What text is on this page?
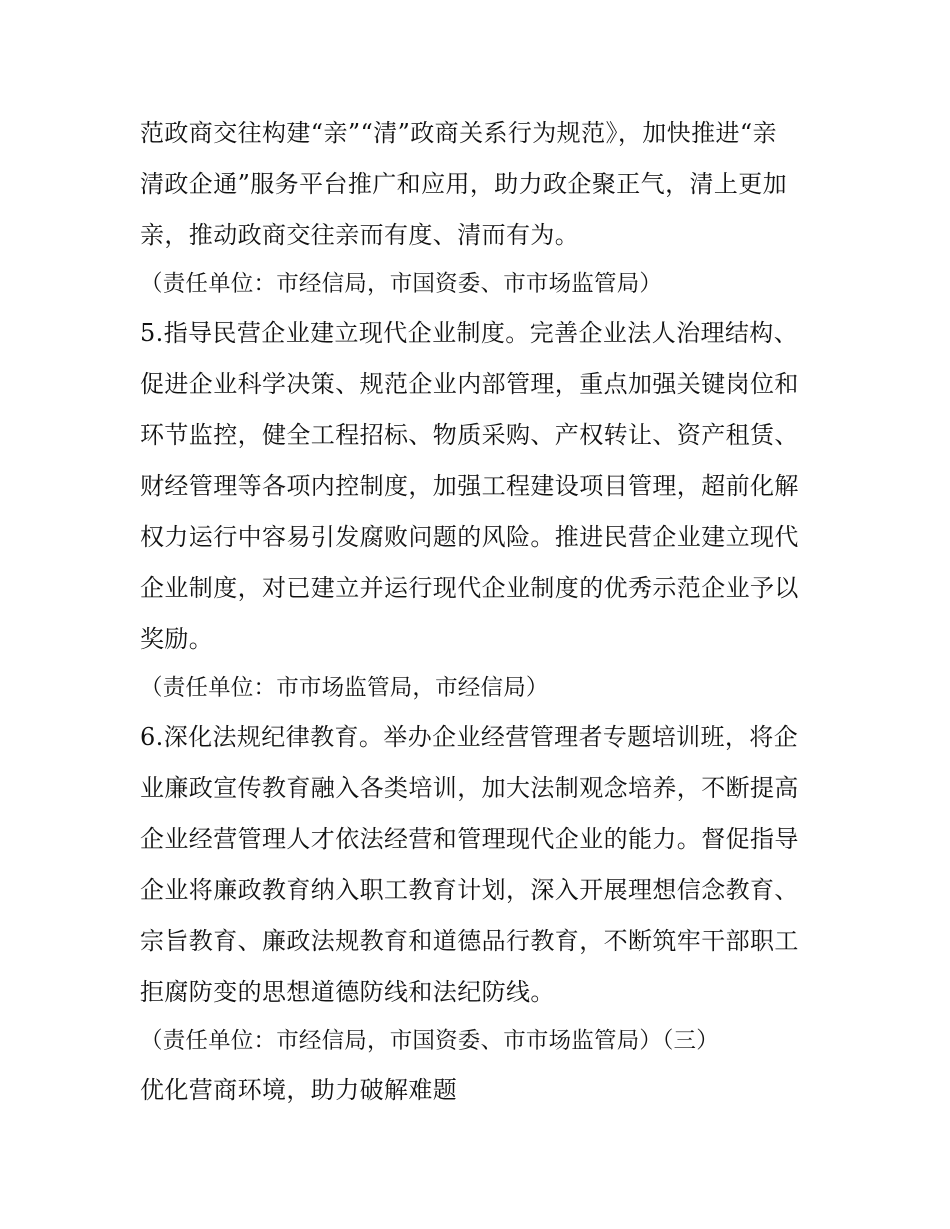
范政商交往构建“亲”“清”政商关系行为规范》，加快推进“亲

清政企通”服务平台推广和应用，助力政企聚正气，清上更加

亲，推动政商交往亲而有度、清而有为。

（责任单位：市经信局，市国资委、市市场监管局）

5.指导民营企业建立现代企业制度。完善企业法人治理结构、

促进企业科学决策、规范企业内部管理，重点加强关键岗位和

环节监控，健全工程招标、物质采购、产权转让、资产租赁、

财经管理等各项内控制度，加强工程建设项目管理，超前化解

权力运行中容易引发腐败问题的风险。推进民营企业建立现代

企业制度，对已建立并运行现代企业制度的优秀示范企业予以

奖励。

（责任单位：市市场监管局，市经信局）

6.深化法规纪律教育。举办企业经营管理者专题培训班，将企

业廉政宣传教育融入各类培训，加大法制观念培养，不断提高

企业经营管理人才依法经营和管理现代企业的能力。督促指导

企业将廉政教育纳入职工教育计划，深入开展理想信念教育、

宗旨教育、廉政法规教育和道德品行教育，不断筑牢干部职工

拒腐防变的思想道德防线和法纪防线。

（责任单位：市经信局，市国资委、市市场监管局）（三）

优化营商环境，助力破解难题
